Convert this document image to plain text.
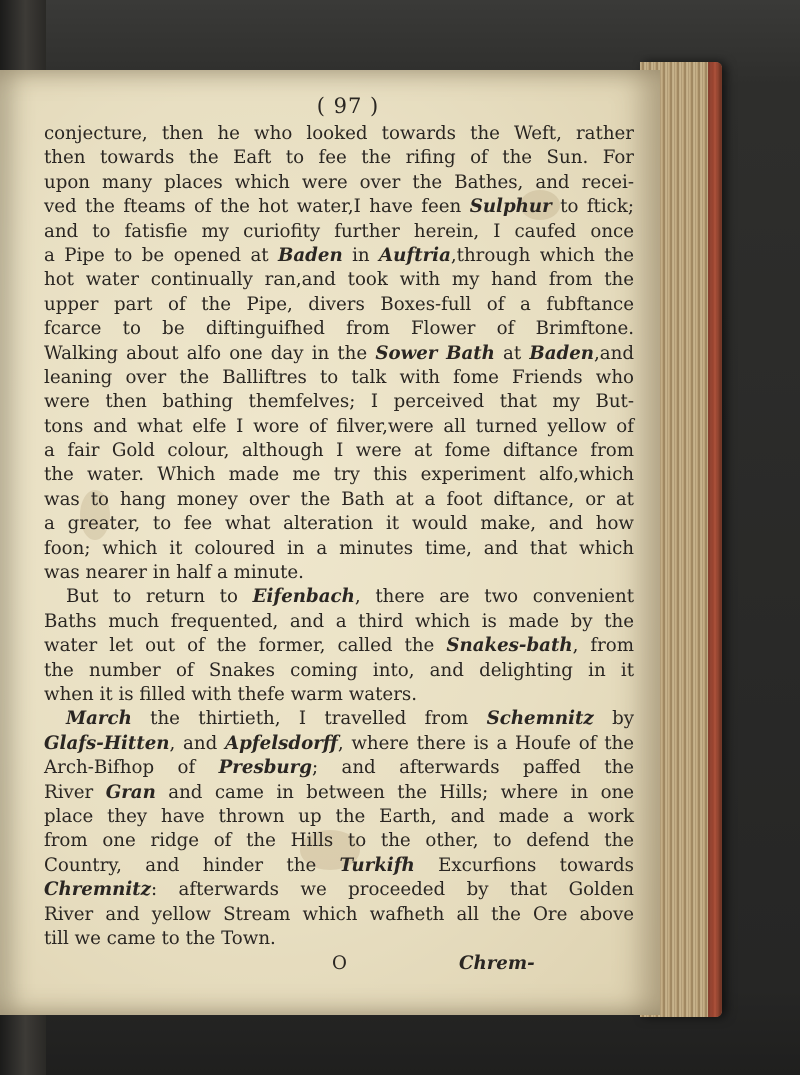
( 97 )
conjecture, then he who looked towards the Weft, rather
then towards the Eaft to fee the rifing of the Sun. For
upon many places which were over the Bathes, and recei-
ved the fteams of the hot water,I have feen Sulphur to ftick;
and to fatisfie my curiofity further herein, I caufed once
a Pipe to be opened at Baden in Auftria,through which the
hot water continually ran,and took with my hand from the
upper part of the Pipe, divers Boxes-full of a fubftance
fcarce to be diftinguifhed from Flower of Brimftone.
Walking about alfo one day in the Sower Bath at Baden,and
leaning over the Balliftres to talk with fome Friends who
were then bathing themfelves; I perceived that my But-
tons and what elfe I wore of filver,were all turned yellow of
a fair Gold colour, although I were at fome diftance from
the water. Which made me try this experiment alfo,which
was to hang money over the Bath at a foot diftance, or at
a greater, to fee what alteration it would make, and how
foon; which it coloured in a minutes time, and that which
was nearer in half a minute.
But to return to Eifenbach, there are two convenient
Baths much frequented, and a third which is made by the
water let out of the former, called the Snakes-bath, from
the number of Snakes coming into, and delighting in it
when it is filled with thefe warm waters.
March the thirtieth, I travelled from Schemnitz by
Glafs-Hitten, and Apfelsdorff, where there is a Houfe of the
Arch-Bifhop of Presburg; and afterwards paffed the
River Gran and came in between the Hills; where in one
place they have thrown up the Earth, and made a work
from one ridge of the Hills to the other, to defend the
Country, and hinder the Turkifh Excurfions towards
Chremnitz: afterwards we proceeded by that Golden
River and yellow Stream which wafheth all the Ore above
till we came to the Town.
O	Chrem-
